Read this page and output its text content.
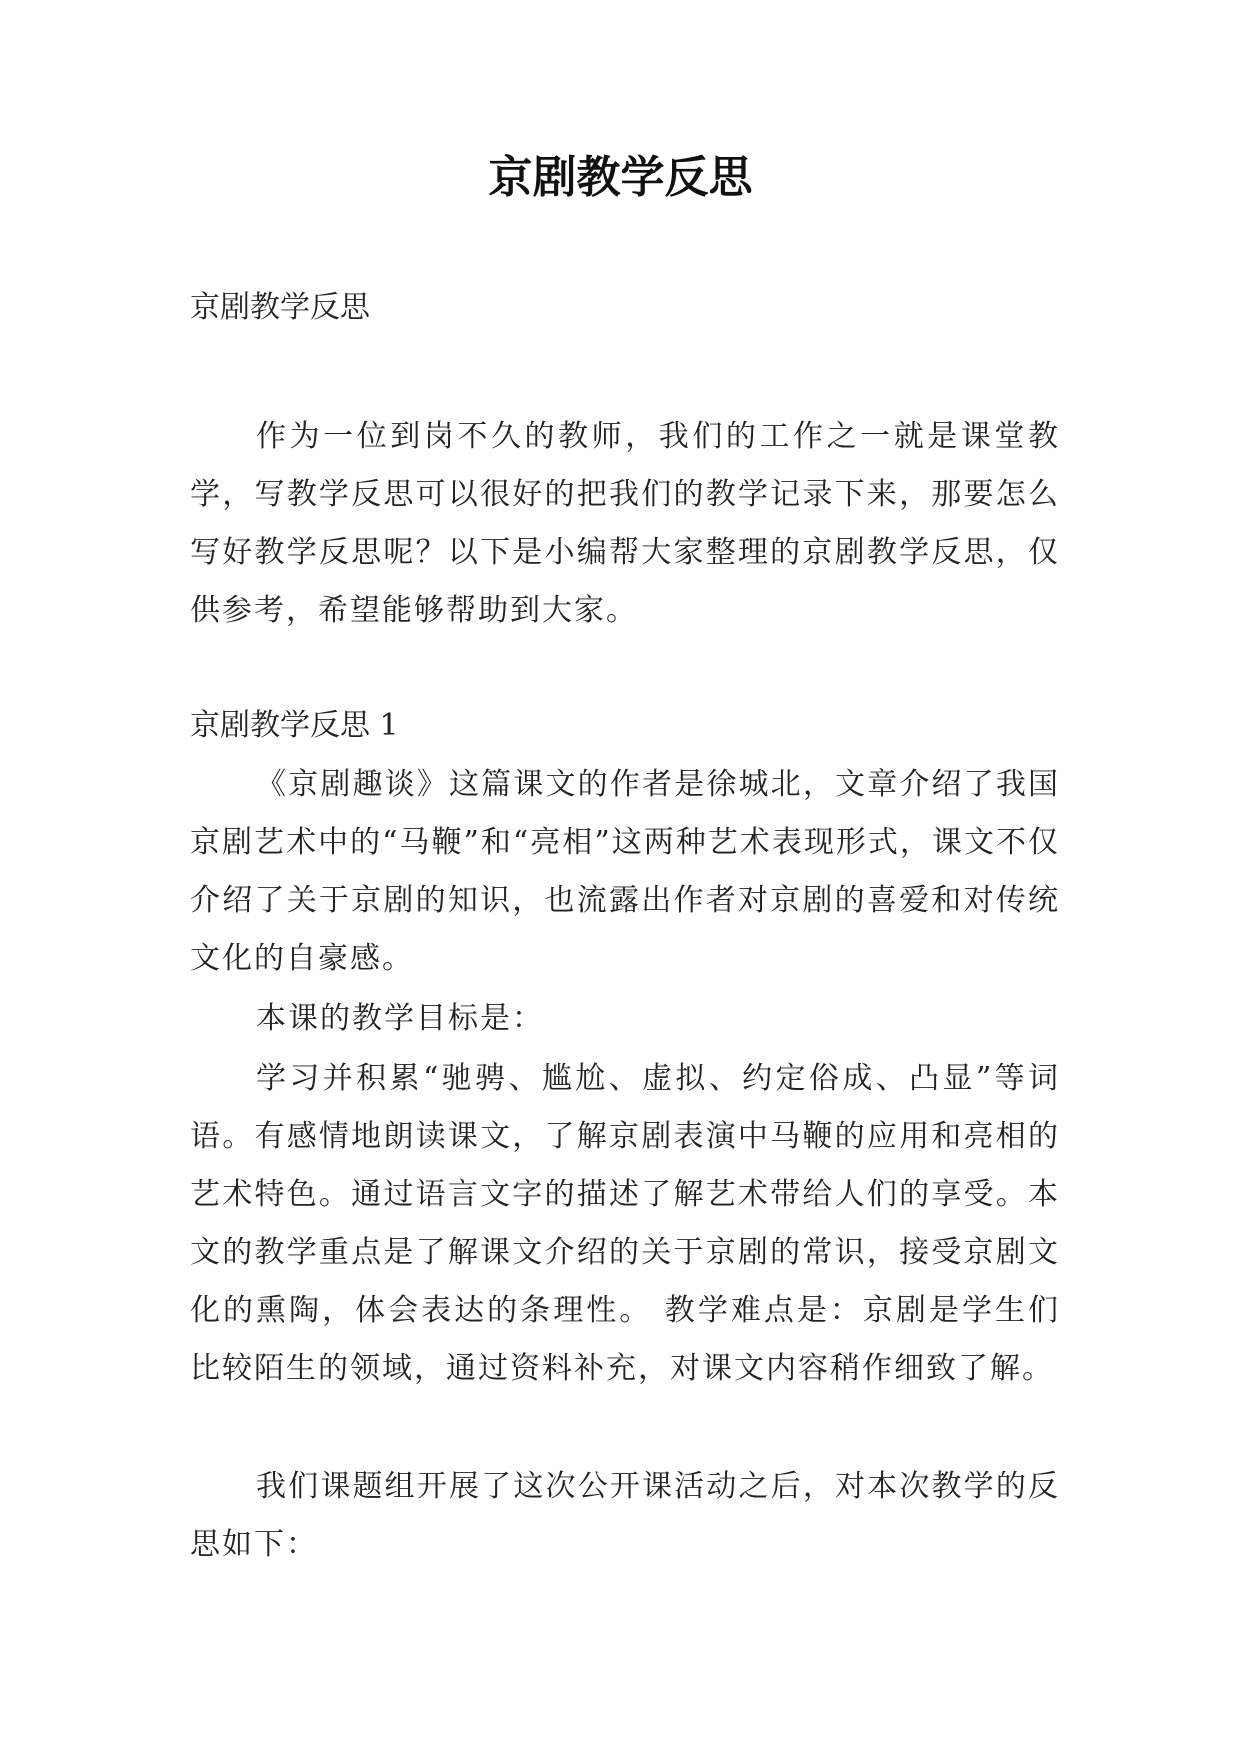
京剧教学反思

京剧教学反思

作为一位到岗不久的教师，我们的工作之一就是课堂教学，写教学反思可以很好的把我们的教学记录下来，那要怎么写好教学反思呢？以下是小编帮大家整理的京剧教学反思，仅供参考，希望能够帮助到大家。

京剧教学反思 1

《京剧趣谈》这篇课文的作者是徐城北，文章介绍了我国京剧艺术中的“马鞭”和“亮相”这两种艺术表现形式，课文不仅介绍了关于京剧的知识，也流露出作者对京剧的喜爱和对传统文化的自豪感。

本课的教学目标是：

学习并积累“驰骋、尴尬、虚拟、约定俗成、凸显”等词语。有感情地朗读课文，了解京剧表演中马鞭的应用和亮相的艺术特色。通过语言文字的描述了解艺术带给人们的享受。本文的教学重点是了解课文介绍的关于京剧的常识，接受京剧文化的熏陶，体会表达的条理性。 教学难点是：京剧是学生们比较陌生的领域，通过资料补充，对课文内容稍作细致了解。

我们课题组开展了这次公开课活动之后，对本次教学的反思如下：
